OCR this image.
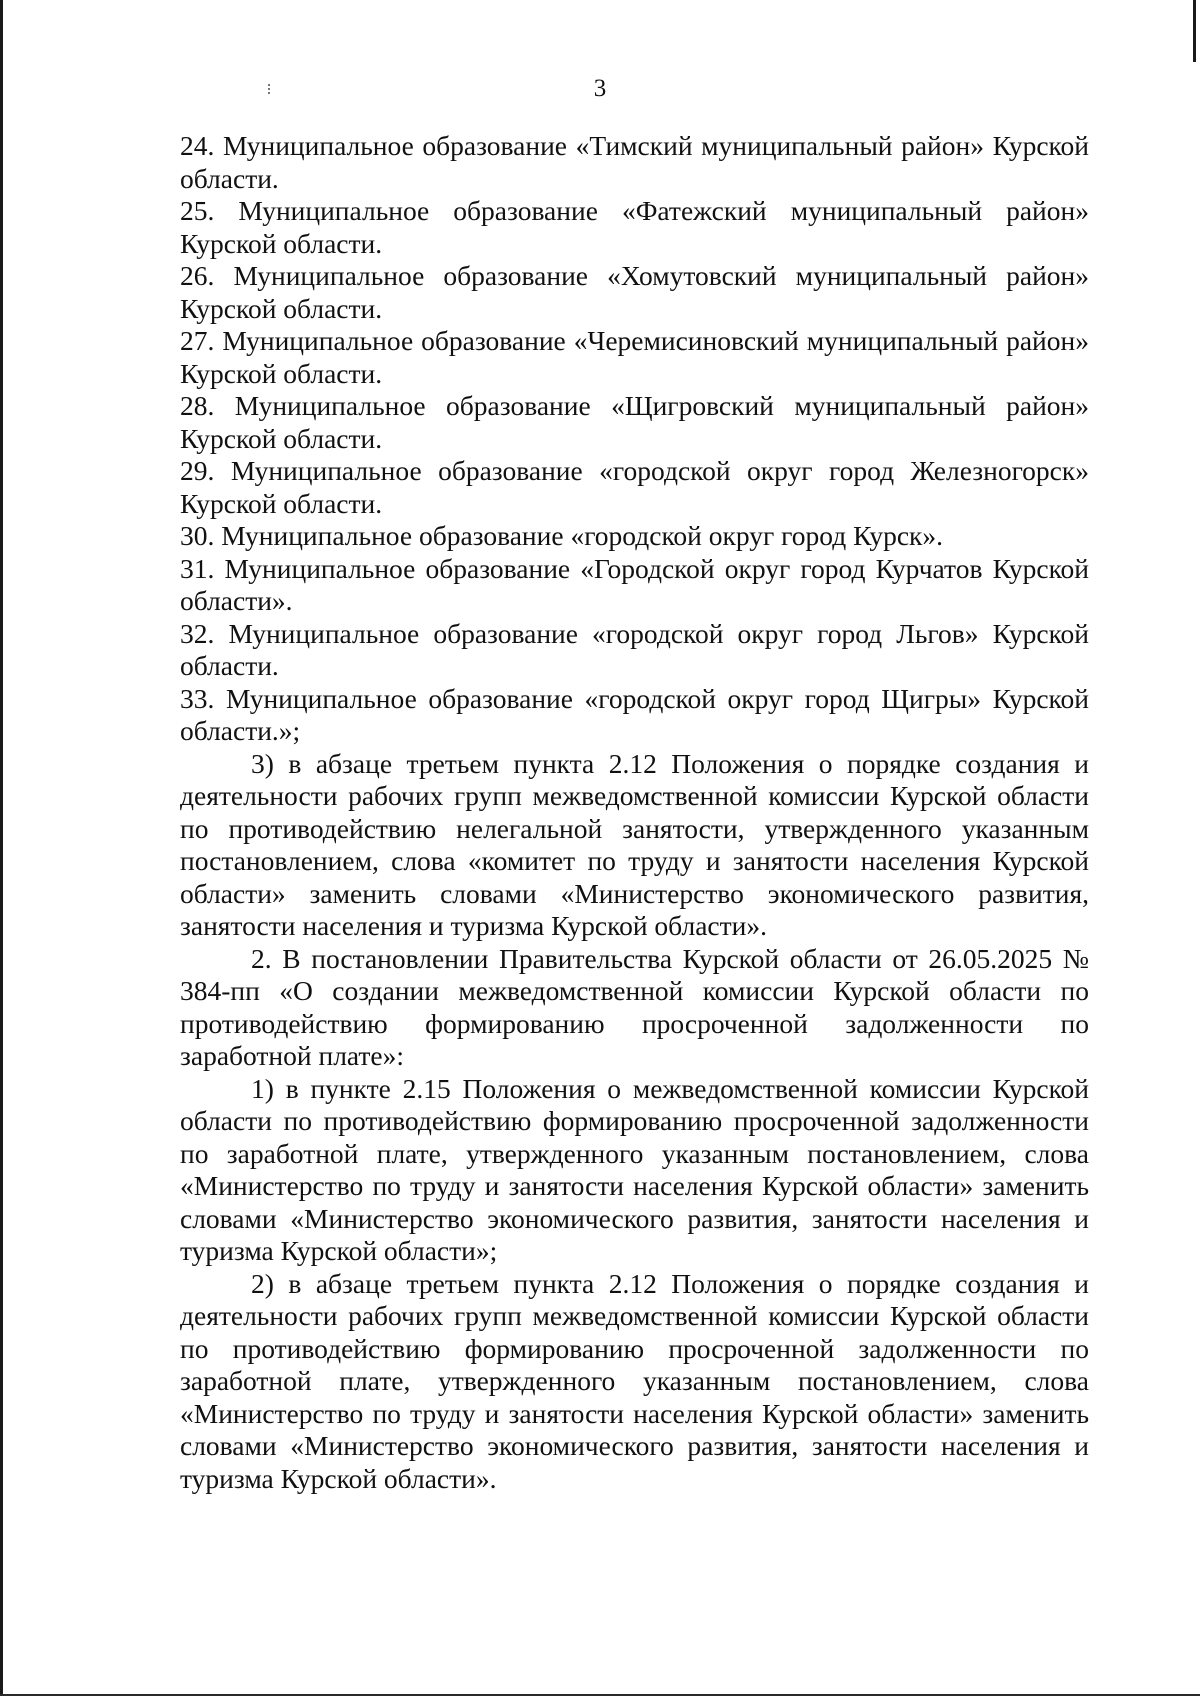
3

24. Муниципальное образование «Тимский муниципальный район» Курской области.

25. Муниципальное образование «Фатежский муниципальный район» Курской области.

26. Муниципальное образование «Хомутовский муниципальный район» Курской области.

27. Муниципальное образование «Черемисиновский муниципальный район» Курской области.

28. Муниципальное образование «Щигровский муниципальный район» Курской области.

29. Муниципальное образование «городской округ город Железногорск» Курской области.

30. Муниципальное образование «городской округ город Курск».

31. Муниципальное образование «Городской округ город Курчатов Курской области».

32. Муниципальное образование «городской округ город Льгов» Курской области.

33. Муниципальное образование «городской округ город Щигры» Курской области.»;

3) в абзаце третьем пункта 2.12 Положения о порядке создания и деятельности рабочих групп межведомственной комиссии Курской области по противодействию нелегальной занятости, утвержденного указанным постановлением, слова «комитет по труду и занятости населения Курской области» заменить словами «Министерство экономического развития, занятости населения и туризма Курской области».

2. В постановлении Правительства Курской области от 26.05.2025 № 384-пп «О создании межведомственной комиссии Курской области по противодействию формированию просроченной задолженности по заработной плате»:

1) в пункте 2.15 Положения о межведомственной комиссии Курской области по противодействию формированию просроченной задолженности по заработной плате, утвержденного указанным постановлением, слова «Министерство по труду и занятости населения Курской области» заменить словами «Министерство экономического развития, занятости населения и туризма Курской области»;

2) в абзаце третьем пункта 2.12 Положения о порядке создания и деятельности рабочих групп межведомственной комиссии Курской области по противодействию формированию просроченной задолженности по заработной плате, утвержденного указанным постановлением, слова «Министерство по труду и занятости населения Курской области» заменить словами «Министерство экономического развития, занятости населения и туризма Курской области».
